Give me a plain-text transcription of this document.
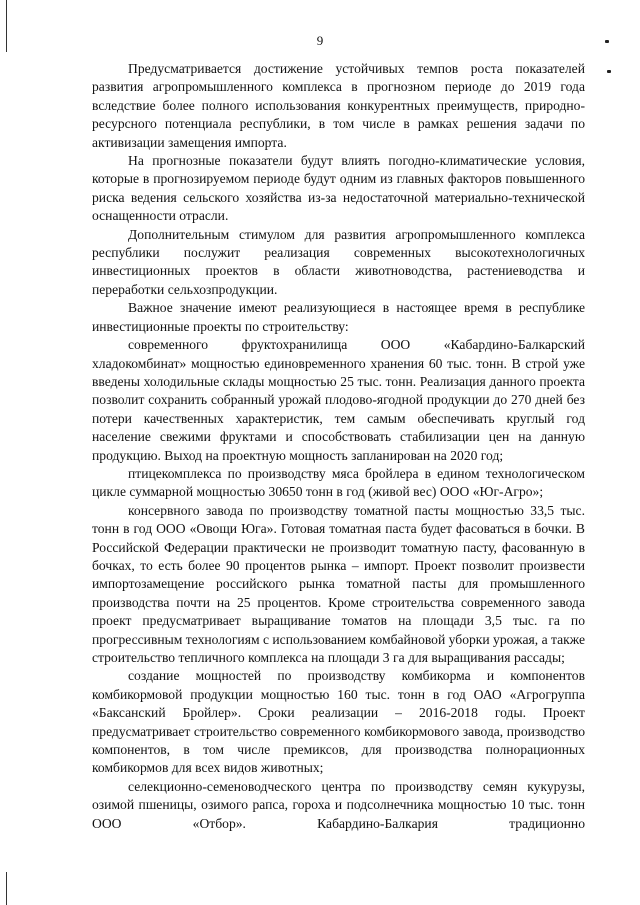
9

Предусматривается достижение устойчивых темпов роста показателей развития агропромышленного комплекса в прогнозном периоде до 2019 года вследствие более полного использования конкурентных преимуществ, природно-ресурсного потенциала республики, в том числе в рамках решения задачи по активизации замещения импорта.

На прогнозные показатели будут влиять погодно-климатические условия, которые в прогнозируемом периоде будут одним из главных факторов повышенного риска ведения сельского хозяйства из-за недостаточной материально-технической оснащенности отрасли.

Дополнительным стимулом для развития агропромышленного комплекса республики послужит реализация современных высокотехнологичных инвестиционных проектов в области животноводства, растениеводства и переработки сельхозпродукции.

Важное значение имеют реализующиеся в настоящее время в республике инвестиционные проекты по строительству:

современного фруктохранилища ООО «Кабардино-Балкарский хладокомбинат» мощностью единовременного хранения 60 тыс. тонн. В строй уже введены холодильные склады мощностью 25 тыс. тонн. Реализация данного проекта позволит сохранить собранный урожай плодово-ягодной продукции до 270 дней без потери качественных характеристик, тем самым обеспечивать круглый год население свежими фруктами и способствовать стабилизации цен на данную продукцию. Выход на проектную мощность запланирован на 2020 год;

птицекомплекса по производству мяса бройлера в едином технологическом цикле суммарной мощностью 30650 тонн в год (живой вес) ООО «Юг-Агро»;

консервного завода по производству томатной пасты мощностью 33,5 тыс. тонн в год ООО «Овощи Юга». Готовая томатная паста будет фасоваться в бочки. В Российской Федерации практически не производит томатную пасту, фасованную в бочках, то есть более 90 процентов рынка – импорт. Проект позволит произвести импортозамещение российского рынка томатной пасты для промышленного производства почти на 25 процентов. Кроме строительства современного завода проект предусматривает выращивание томатов на площади 3,5 тыс. га по прогрессивным технологиям с использованием комбайновой уборки урожая, а также строительство тепличного комплекса на площади 3 га для выращивания рассады;

создание мощностей по производству комбикорма и компонентов комбикормовой продукции мощностью 160 тыс. тонн в год ОАО «Агрогруппа «Баксанский Бройлер». Сроки реализации – 2016-2018 годы. Проект предусматривает строительство современного комбикормового завода, производство компонентов, в том числе премиксов, для производства полнорационных комбикормов для всех видов животных;

селекционно-семеноводческого центра по производству семян кукурузы, озимой пшеницы, озимого рапса, гороха и подсолнечника мощностью 10 тыс. тонн ООО «Отбор». Кабардино-Балкария традиционно
